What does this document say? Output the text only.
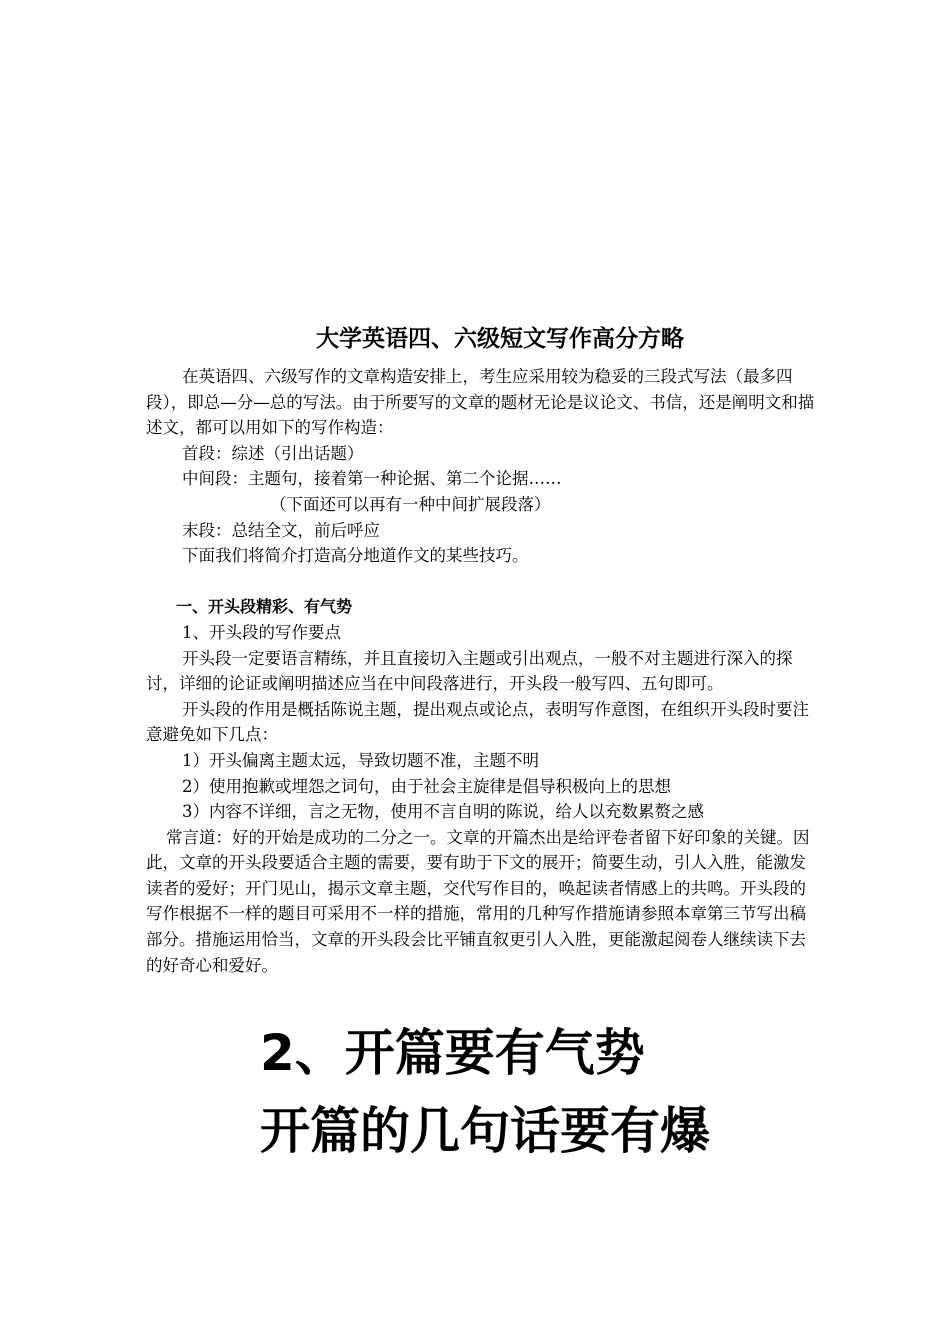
大学英语四、六级短文写作高分方略

在英语四、六级写作的文章构造安排上，考生应采用较为稳妥的三段式写法（最多四段），即总—分—总的写法。由于所要写的文章的题材无论是议论文、书信，还是阐明文和描述文，都可以用如下的写作构造：

首段：综述（引出话题）

中间段：主题句，接着第一种论据、第二个论据……

（下面还可以再有一种中间扩展段落）

末段：总结全文，前后呼应

下面我们将简介打造高分地道作文的某些技巧。

一、开头段精彩、有气势

1、开头段的写作要点

开头段一定要语言精练，并且直接切入主题或引出观点，一般不对主题进行深入的探讨，详细的论证或阐明描述应当在中间段落进行，开头段一般写四、五句即可。

开头段的作用是概括陈说主题，提出观点或论点，表明写作意图，在组织开头段时要注意避免如下几点：

1）开头偏离主题太远，导致切题不准，主题不明

2）使用抱歉或埋怨之词句，由于社会主旋律是倡导积极向上的思想

3）内容不详细，言之无物，使用不言自明的陈说，给人以充数累赘之感

常言道：好的开始是成功的二分之一。文章的开篇杰出是给评卷者留下好印象的关键。因此，文章的开头段要适合主题的需要，要有助于下文的展开；简要生动，引人入胜，能激发读者的爱好；开门见山，揭示文章主题，交代写作目的，唤起读者情感上的共鸣。开头段的写作根据不一样的题目可采用不一样的措施，常用的几种写作措施请参照本章第三节写出稿部分。措施运用恰当，文章的开头段会比平铺直叙更引人入胜，更能激起阅卷人继续读下去的好奇心和爱好。

2、开篇要有气势
开篇的几句话要有爆
